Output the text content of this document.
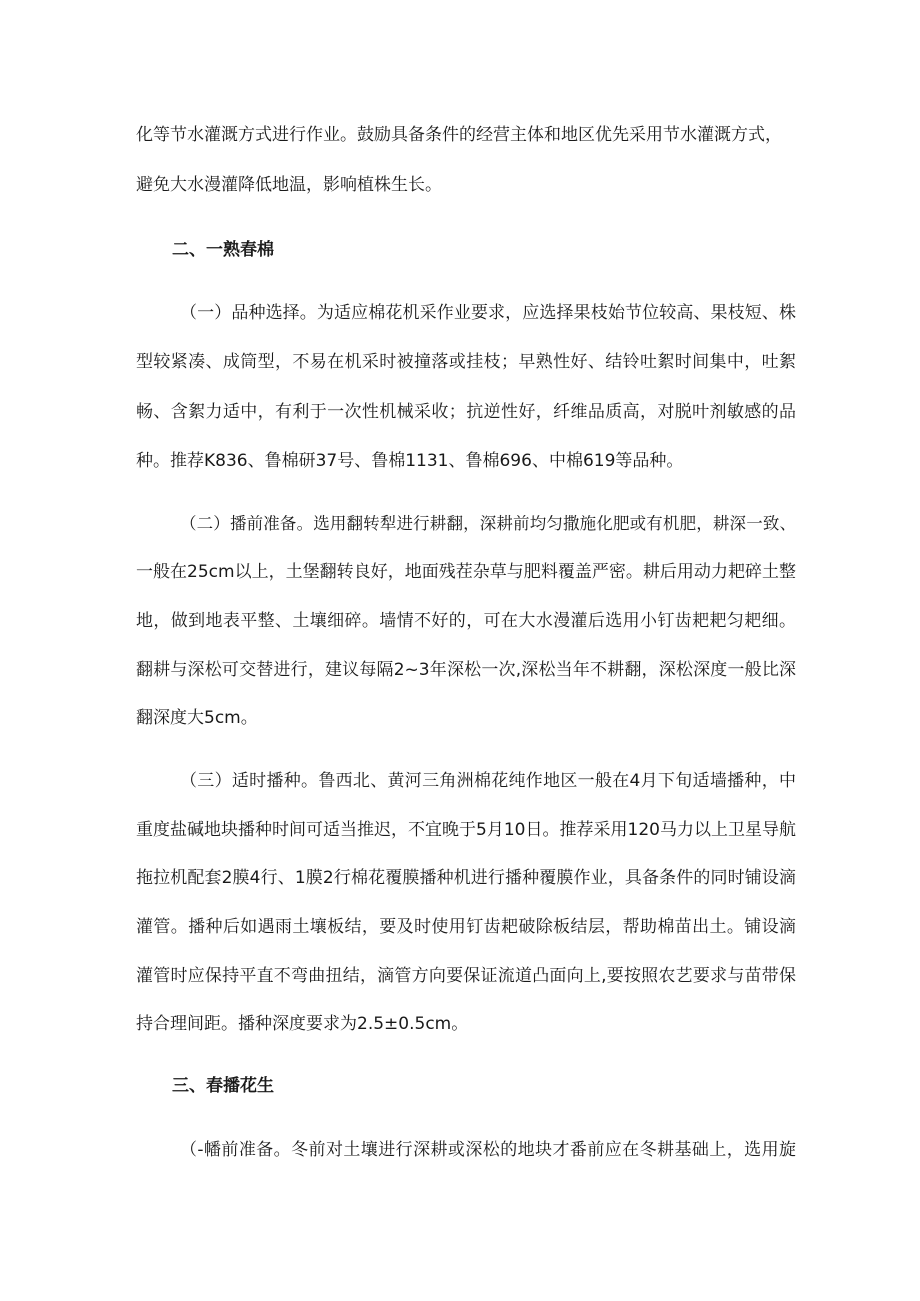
化等节水灌溉方式进行作业。鼓励具备条件的经营主体和地区优先采用节水灌溉方式，
避免大水漫灌降低地温，影响植株生长。
二、一熟春棉
（一）品种选择。为适应棉花机采作业要求，应选择果枝始节位较高、果枝短、株
型较紧凑、成筒型，不易在机采时被撞落或挂枝；早熟性好、结铃吐絮时间集中，吐絮
畅、含絮力适中，有利于一次性机械采收；抗逆性好，纤维品质高，对脱叶剂敏感的品
种。推荐K836、鲁棉研37号、鲁棉1131、鲁棉696、中棉619等品种。
（二）播前准备。选用翻转犁进行耕翻，深耕前均匀撒施化肥或有机肥，耕深一致、
一般在25cm以上，土堡翻转良好，地面残茬杂草与肥料覆盖严密。耕后用动力耙碎土整
地，做到地表平整、土壤细碎。墙情不好的，可在大水漫灌后选用小钉齿耙耙匀耙细。
翻耕与深松可交替进行，建议每隔2~3年深松一次,深松当年不耕翻，深松深度一般比深
翻深度大5cm。
（三）适时播种。鲁西北、黄河三角洲棉花纯作地区一般在4月下旬适墙播种，中
重度盐碱地块播种时间可适当推迟，不宜晚于5月10日。推荐采用120马力以上卫星导航
拖拉机配套2膜4行、1膜2行棉花覆膜播种机进行播种覆膜作业，具备条件的同时铺设滴
灌管。播种后如遇雨土壤板结，要及时使用钉齿耙破除板结层，帮助棉苗出土。铺设滴
灌管时应保持平直不弯曲扭结，滴管方向要保证流道凸面向上,要按照农艺要求与苗带保
持合理间距。播种深度要求为2.5±0.5cm。
三、春播花生
（-幡前准备。冬前对土壤进行深耕或深松的地块才番前应在冬耕基础上，选用旋
